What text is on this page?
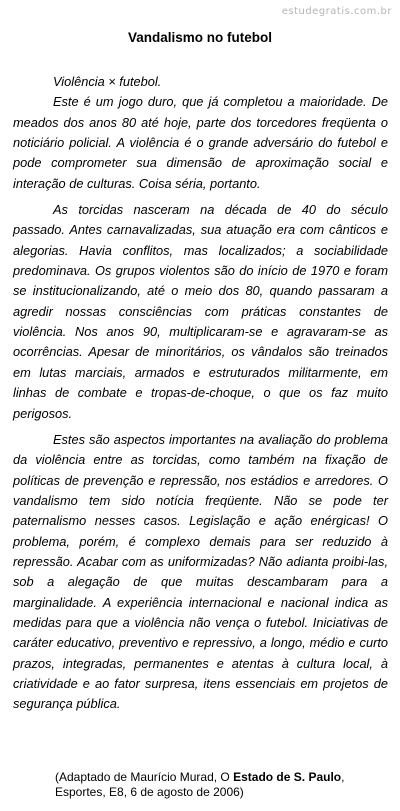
estudegratis.com.br
Vandalismo no futebol

Violência × futebol.

Este é um jogo duro, que já completou a maioridade. De meados dos anos 80 até hoje, parte dos torcedores freqüenta o noticiário policial. A violência é o grande adversário do futebol e pode comprometer sua dimensão de aproximação social e interação de culturas. Coisa séria, portanto.

As torcidas nasceram na década de 40 do século passado. Antes carnavalizadas, sua atuação era com cânticos e alegorias. Havia conflitos, mas localizados; a sociabilidade predominava. Os grupos violentos são do início de 1970 e foram se institucionalizando, até o meio dos 80, quando passaram a agredir nossas consciências com práticas constantes de violência. Nos anos 90, multiplicaram-se e agravaram-se as ocorrências. Apesar de minoritários, os vândalos são treinados em lutas marciais, armados e estruturados militarmente, em linhas de combate e tropas-de-choque, o que os faz muito perigosos.

Estes são aspectos importantes na avaliação do problema da violência entre as torcidas, como também na fixação de políticas de prevenção e repressão, nos estádios e arredores. O vandalismo tem sido notícia freqüente. Não se pode ter paternalismo nesses casos. Legislação e ação enérgicas! O problema, porém, é complexo demais para ser reduzido à repressão. Acabar com as uniformizadas? Não adianta proibi-las, sob a alegação de que muitas descambaram para a marginalidade. A experiência internacional e nacional indica as medidas para que a violência não vença o futebol. Iniciativas de caráter educativo, preventivo e repressivo, a longo, médio e curto prazos, integradas, permanentes e atentas à cultura local, à criatividade e ao fator surpresa, itens essenciais em projetos de segurança pública.

(Adaptado de Maurício Murad, O Estado de S. Paulo, Esportes, E8, 6 de agosto de 2006)
